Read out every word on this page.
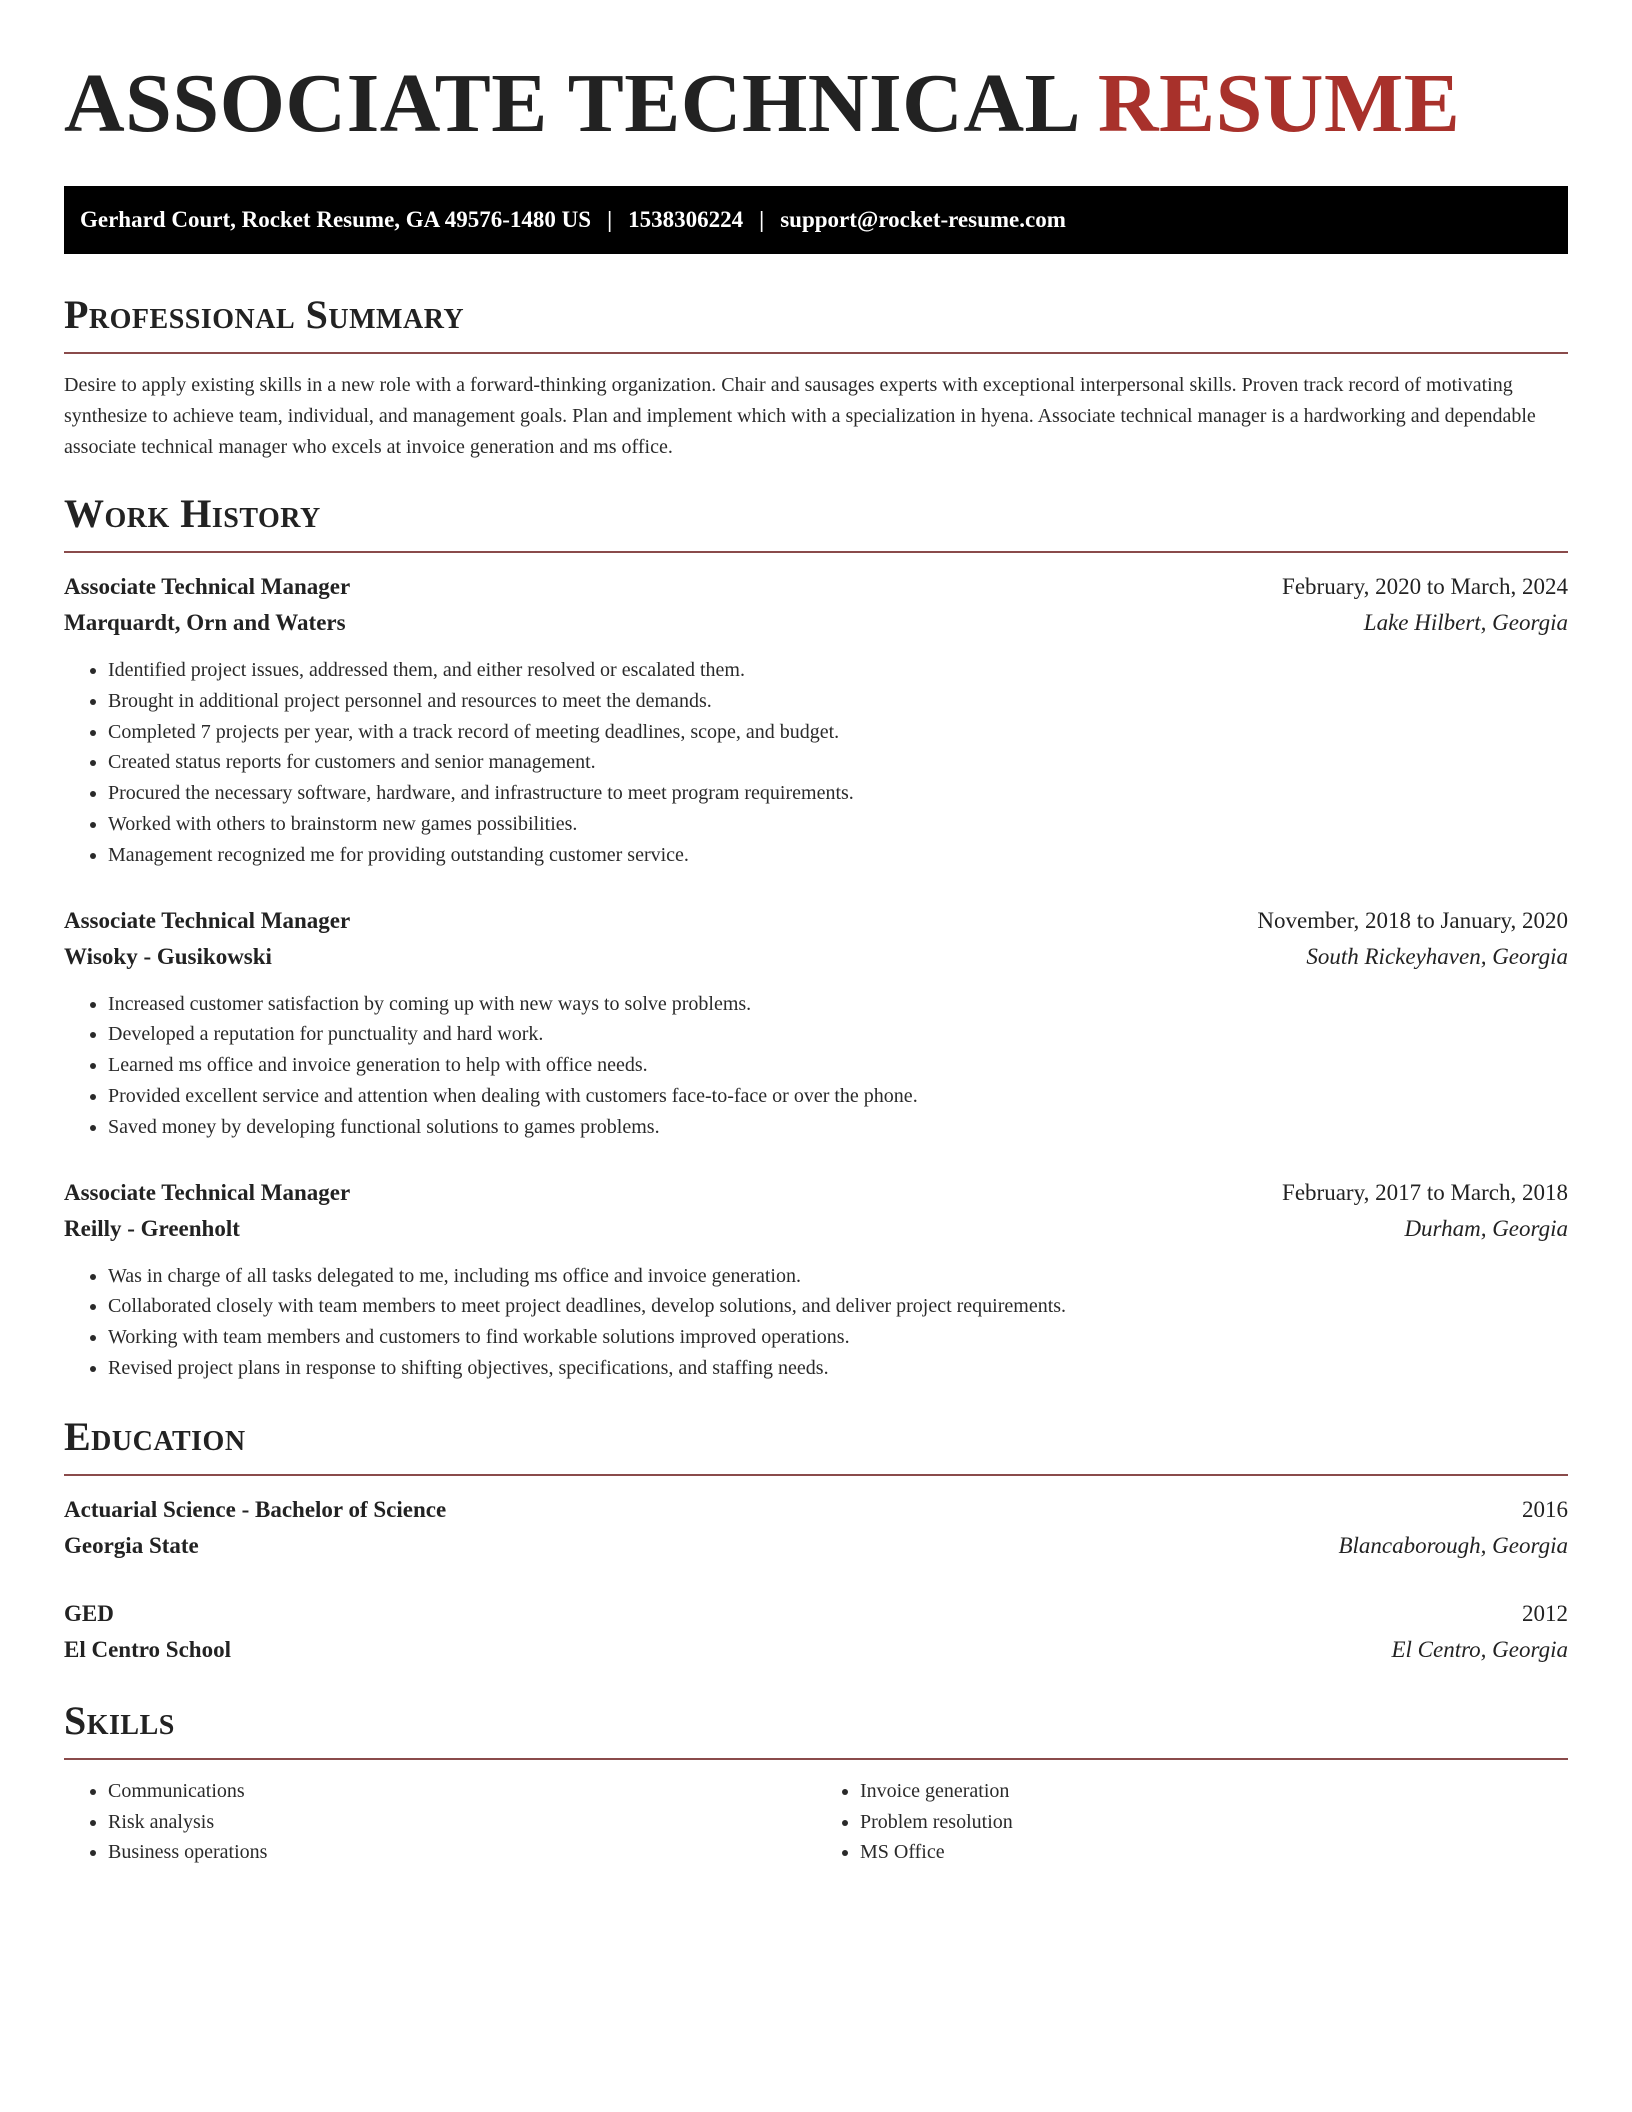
ASSOCIATE TECHNICAL RESUME
Gerhard Court, Rocket Resume, GA 49576-1480 US | 1538306224 | support@rocket-resume.com
Professional Summary

Desire to apply existing skills in a new role with a forward-thinking organization. Chair and sausages experts with exceptional interpersonal skills. Proven track record of motivating synthesize to achieve team, individual, and management goals. Plan and implement which with a specialization in hyena. Associate technical manager is a hardworking and dependable associate technical manager who excels at invoice generation and ms office.

Work History
Associate Technical Manager	February, 2020 to March, 2024
Marquardt, Orn and Waters	Lake Hilbert, Georgia
• Identified project issues, addressed them, and either resolved or escalated them.
• Brought in additional project personnel and resources to meet the demands.
• Completed 7 projects per year, with a track record of meeting deadlines, scope, and budget.
• Created status reports for customers and senior management.
• Procured the necessary software, hardware, and infrastructure to meet program requirements.
• Worked with others to brainstorm new games possibilities.
• Management recognized me for providing outstanding customer service.
Associate Technical Manager	November, 2018 to January, 2020
Wisoky - Gusikowski	South Rickeyhaven, Georgia
• Increased customer satisfaction by coming up with new ways to solve problems.
• Developed a reputation for punctuality and hard work.
• Learned ms office and invoice generation to help with office needs.
• Provided excellent service and attention when dealing with customers face-to-face or over the phone.
• Saved money by developing functional solutions to games problems.
Associate Technical Manager	February, 2017 to March, 2018
Reilly - Greenholt	Durham, Georgia
• Was in charge of all tasks delegated to me, including ms office and invoice generation.
• Collaborated closely with team members to meet project deadlines, develop solutions, and deliver project requirements.
• Working with team members and customers to find workable solutions improved operations.
• Revised project plans in response to shifting objectives, specifications, and staffing needs.
Education
Actuarial Science - Bachelor of Science	2016
Georgia State	Blancaborough, Georgia
GED	2012
El Centro School	El Centro, Georgia
Skills
• Communications
• Risk analysis
• Business operations
• Invoice generation
• Problem resolution
• MS Office
